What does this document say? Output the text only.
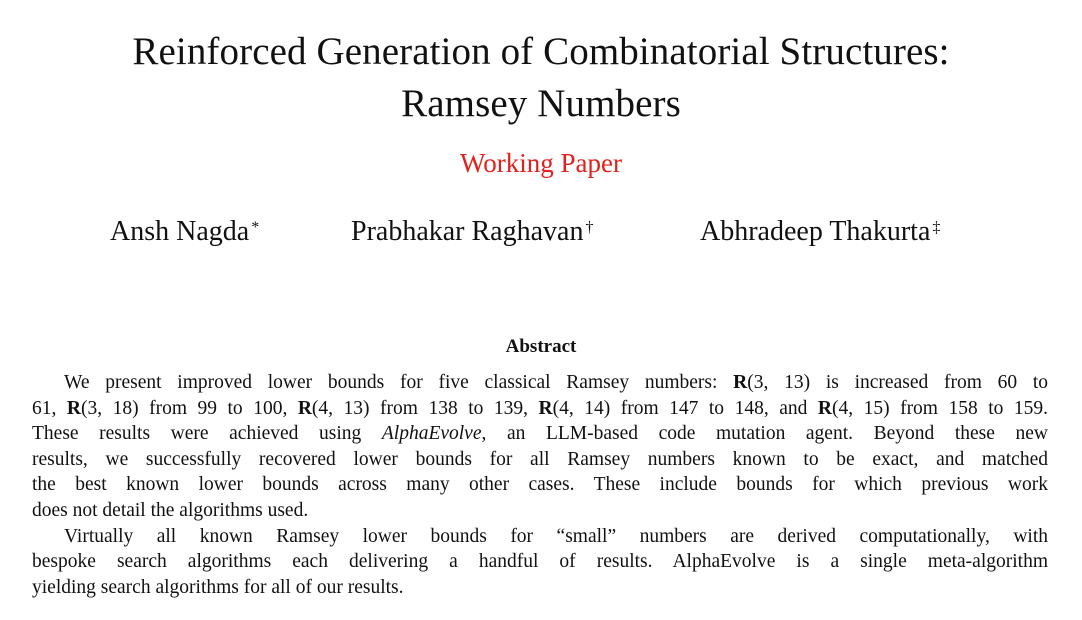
Reinforced Generation of Combinatorial Structures:
Ramsey Numbers
Working Paper
Ansh Nagda *	Prabhakar Raghavan †	Abhradeep Thakurta ‡
Abstract
We present improved lower bounds for five classical Ramsey numbers: R(3, 13) is increased from 60 to
61, R(3, 18) from 99 to 100, R(4, 13) from 138 to 139, R(4, 14) from 147 to 148, and R(4, 15) from 158 to 159.
These results were achieved using AlphaEvolve, an LLM-based code mutation agent. Beyond these new
results, we successfully recovered lower bounds for all Ramsey numbers known to be exact, and matched
the best known lower bounds across many other cases. These include bounds for which previous work
does not detail the algorithms used.
Virtually all known Ramsey lower bounds for “small” numbers are derived computationally, with
bespoke search algorithms each delivering a handful of results. AlphaEvolve is a single meta-algorithm
yielding search algorithms for all of our results.
